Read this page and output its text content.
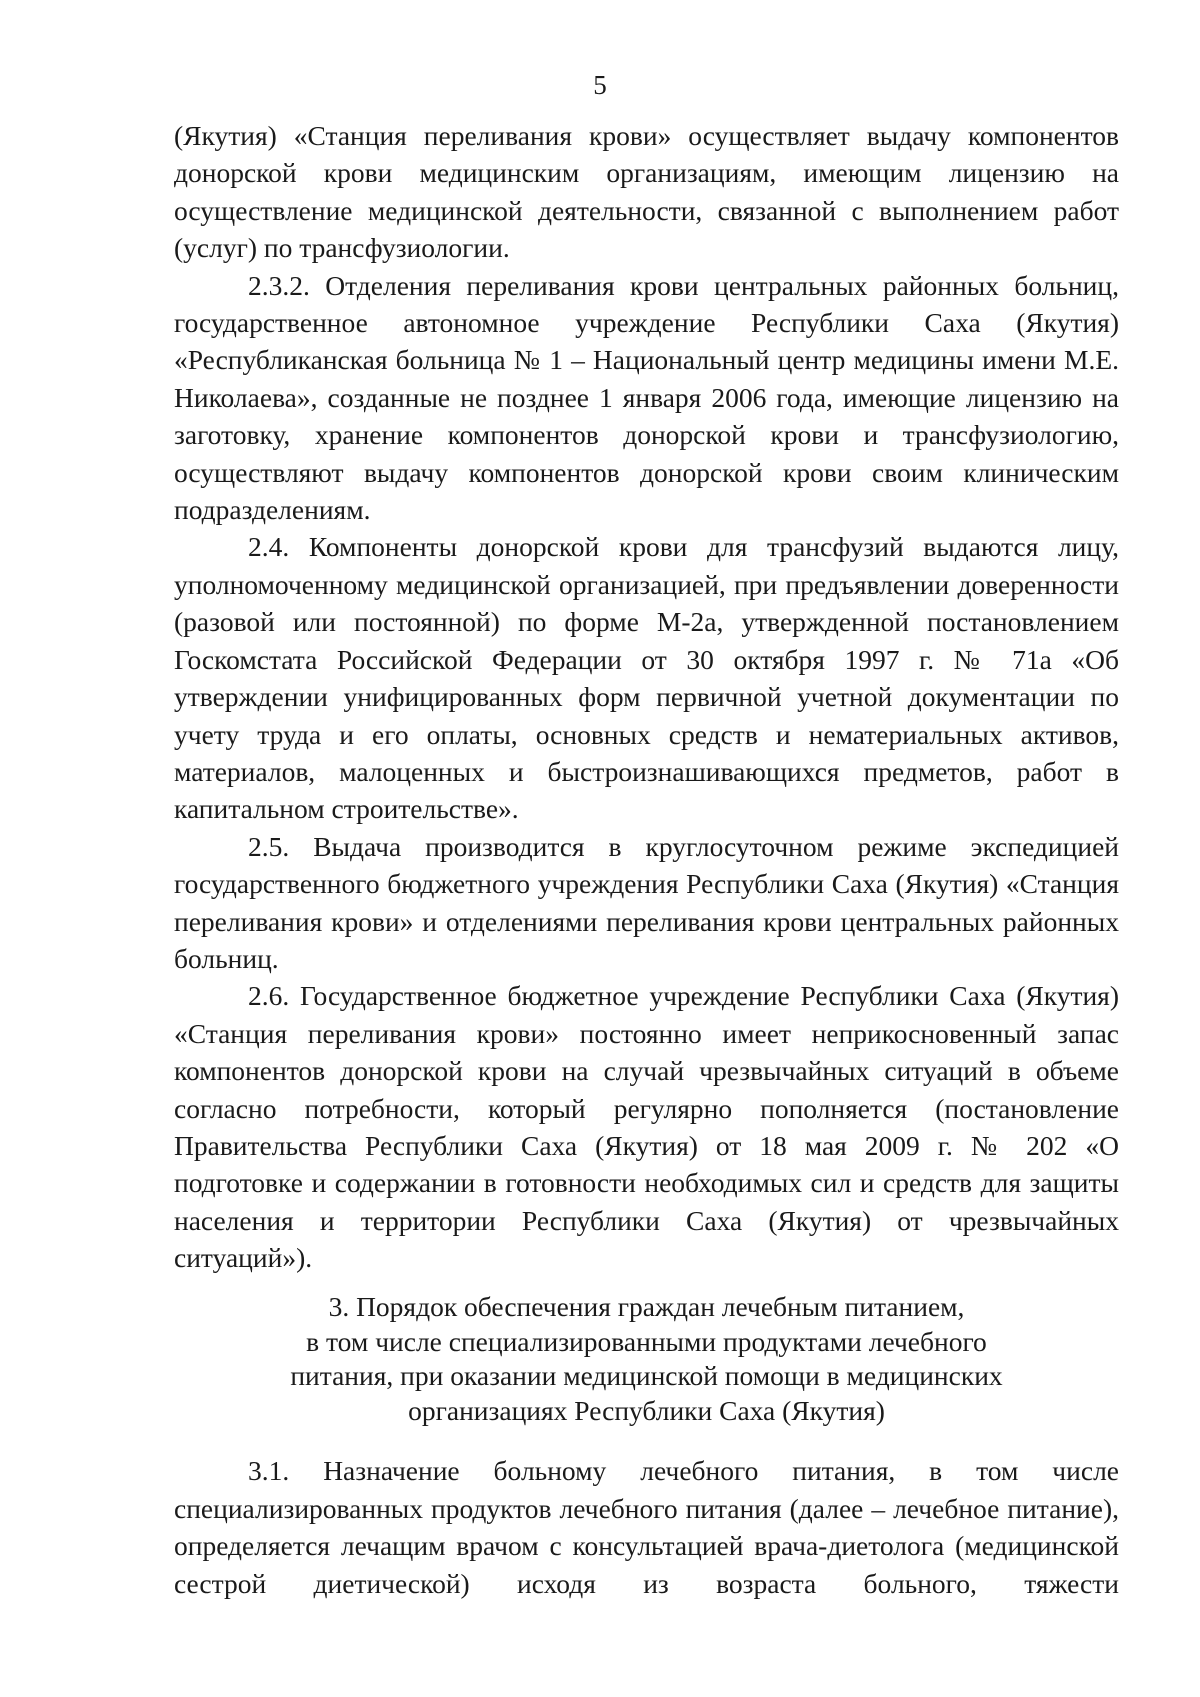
5

(Якутия) «Станция переливания крови» осуществляет выдачу компонентов донорской крови медицинским организациям, имеющим лицензию на осуществление медицинской деятельности, связанной с выполнением работ (услуг) по трансфузиологии.

2.3.2. Отделения переливания крови центральных районных больниц, государственное автономное учреждение Республики Саха (Якутия) «Республиканская больница № 1 – Национальный центр медицины имени М.Е. Николаева», созданные не позднее 1 января 2006 года, имеющие лицензию на заготовку, хранение компонентов донорской крови и трансфузиологию, осуществляют выдачу компонентов донорской крови своим клиническим подразделениям.

2.4. Компоненты донорской крови для трансфузий выдаются лицу, уполномоченному медицинской организацией, при предъявлении доверенности (разовой или постоянной) по форме М-2а, утвержденной постановлением Госкомстата Российской Федерации от 30 октября 1997 г. № 71а «Об утверждении унифицированных форм первичной учетной документации по учету труда и его оплаты, основных средств и нематериальных активов, материалов, малоценных и быстроизнашивающихся предметов, работ в капитальном строительстве».

2.5. Выдача производится в круглосуточном режиме экспедицией государственного бюджетного учреждения Республики Саха (Якутия) «Станция переливания крови» и отделениями переливания крови центральных районных больниц.

2.6. Государственное бюджетное учреждение Республики Саха (Якутия) «Станция переливания крови» постоянно имеет неприкосновенный запас компонентов донорской крови на случай чрезвычайных ситуаций в объеме согласно потребности, который регулярно пополняется (постановление Правительства Республики Саха (Якутия) от 18 мая 2009 г. № 202 «О подготовке и содержании в готовности необходимых сил и средств для защиты населения и территории Республики Саха (Якутия) от чрезвычайных ситуаций»).

3. Порядок обеспечения граждан лечебным питанием,
в том числе специализированными продуктами лечебного
питания, при оказании медицинской помощи в медицинских
организациях Республики Саха (Якутия)

3.1. Назначение больному лечебного питания, в том числе специализированных продуктов лечебного питания (далее – лечебное питание), определяется лечащим врачом с консультацией врача-диетолога (медицинской сестрой диетической) исходя из возраста больного, тяжести
